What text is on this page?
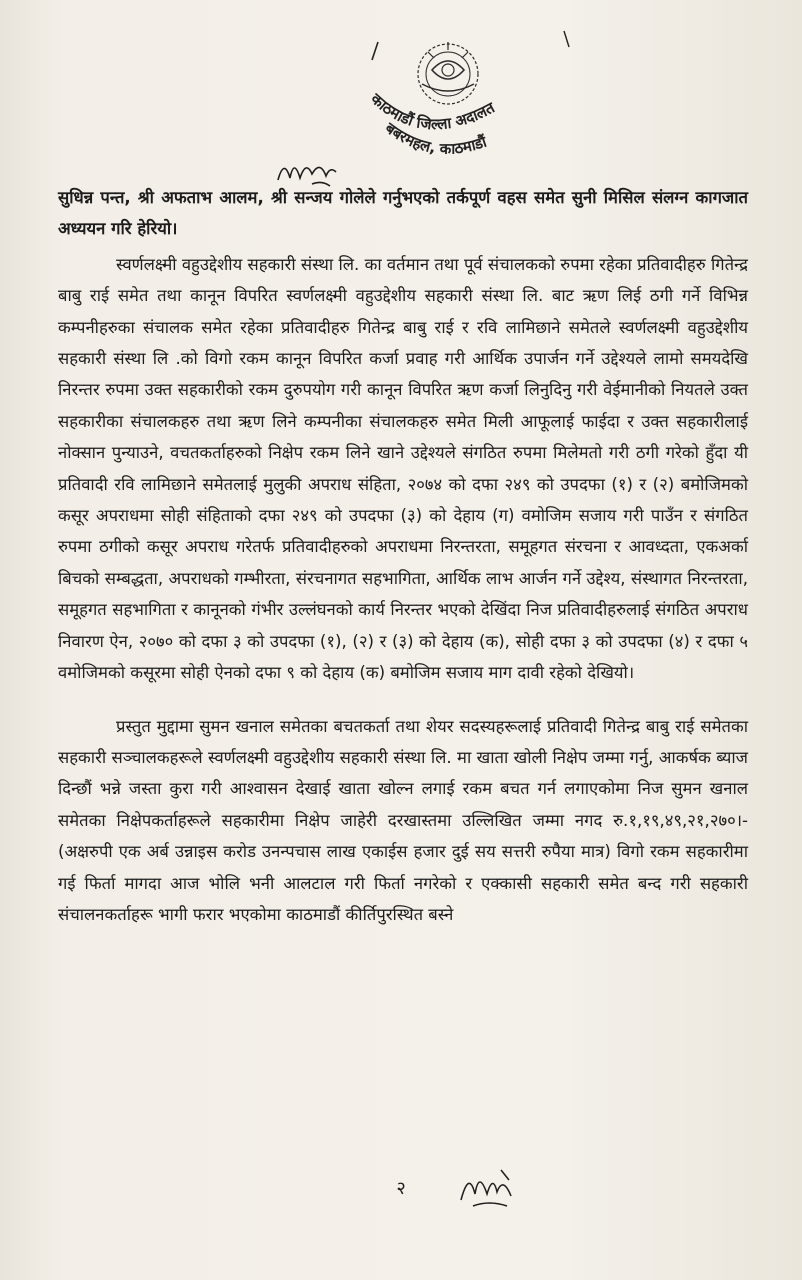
काठमाडौं जिल्ला अदालत
बबरमहल, काठमाडौं

सुधिन्न पन्त, श्री अफताभ आलम, श्री सन्जय गोलेले गर्नुभएको तर्कपूर्ण वहस समेत सुनी मिसिल संलग्न कागजात अध्ययन गरि हेरियो।

स्वर्णलक्ष्मी वहुउद्देशीय सहकारी संस्था लि. का वर्तमान तथा पूर्व संचालकको रुपमा रहेका प्रतिवादीहरु गितेन्द्र बाबु राई समेत तथा कानून विपरित स्वर्णलक्ष्मी वहुउद्देशीय सहकारी संस्था लि. बाट ऋण लिई ठगी गर्ने विभिन्न कम्पनीहरुका संचालक समेत रहेका प्रतिवादीहरु गितेन्द्र बाबु राई र रवि लामिछाने समेतले स्वर्णलक्ष्मी वहुउद्देशीय सहकारी संस्था लि .को विगो रकम कानून विपरित कर्जा प्रवाह गरी आर्थिक उपार्जन गर्ने उद्देश्यले लामो समयदेखि निरन्तर रुपमा उक्त सहकारीको रकम दुरुपयोग गरी कानून विपरित ऋण कर्जा लिनुदिनु गरी वेईमानीको नियतले उक्त सहकारीका संचालकहरु तथा ऋण लिने कम्पनीका संचालकहरु समेत मिली आफूलाई फाईदा र उक्त सहकारीलाई नोक्सान पुन्याउने, वचतकर्ताहरुको निक्षेप रकम लिने खाने उद्देश्यले संगठित रुपमा मिलेमतो गरी ठगी गरेको हुँदा यी प्रतिवादी रवि लामिछाने समेतलाई मुलुकी अपराध संहिता, २०७४ को दफा २४९ को उपदफा (१) र (२) बमोजिमको कसूर अपराधमा सोही संहिताको दफा २४९ को उपदफा (३) को देहाय (ग) वमोजिम सजाय गरी पाउँन र संगठित रुपमा ठगीको कसूर अपराध गरेतर्फ प्रतिवादीहरुको अपराधमा निरन्तरता, समूहगत संरचना र आवध्दता, एकअर्का बिचको सम्बद्धता, अपराधको गम्भीरता, संरचनागत सहभागिता, आर्थिक लाभ आर्जन गर्ने उद्देश्य, संस्थागत निरन्तरता, समूहगत सहभागिता र कानूनको गंभीर उल्लंघनको कार्य निरन्तर भएको देखिंदा निज प्रतिवादीहरुलाई संगठित अपराध निवारण ऐन, २०७० को दफा ३ को उपदफा (१), (२) र (३) को देहाय (क), सोही दफा ३ को उपदफा (४) र दफा ५ वमोजिमको कसूरमा सोही ऐनको दफा ९ को देहाय (क) बमोजिम सजाय माग दावी रहेको देखियो।

प्रस्तुत मुद्दामा सुमन खनाल समेतका बचतकर्ता तथा शेयर सदस्यहरूलाई प्रतिवादी गितेन्द्र बाबु राई समेतका सहकारी सञ्चालकहरूले स्वर्णलक्ष्मी वहुउद्देशीय सहकारी संस्था लि. मा खाता खोली निक्षेप जम्मा गर्नु, आकर्षक ब्याज दिन्छौं भन्ने जस्ता कुरा गरी आश्वासन देखाई खाता खोल्न लगाई रकम बचत गर्न लगाएकोमा निज सुमन खनाल समेतका निक्षेपकर्ताहरूले सहकारीमा निक्षेप जाहेरी दरखास्तमा उल्लिखित जम्मा नगद रु.१,१९,४९,२१,२७०।- (अक्षरुपी एक अर्ब उन्नाइस करोड उनन्पचास लाख एकाईस हजार दुई सय सत्तरी रुपैया मात्र) विगो रकम सहकारीमा गई फिर्ता मागदा आज भोलि भनी आलटाल गरी फिर्ता नगरेको र एक्कासी सहकारी समेत बन्द गरी सहकारी संचालनकर्ताहरू भागी फरार भएकोमा काठमाडौं कीर्तिपुरस्थित बस्ने

२
